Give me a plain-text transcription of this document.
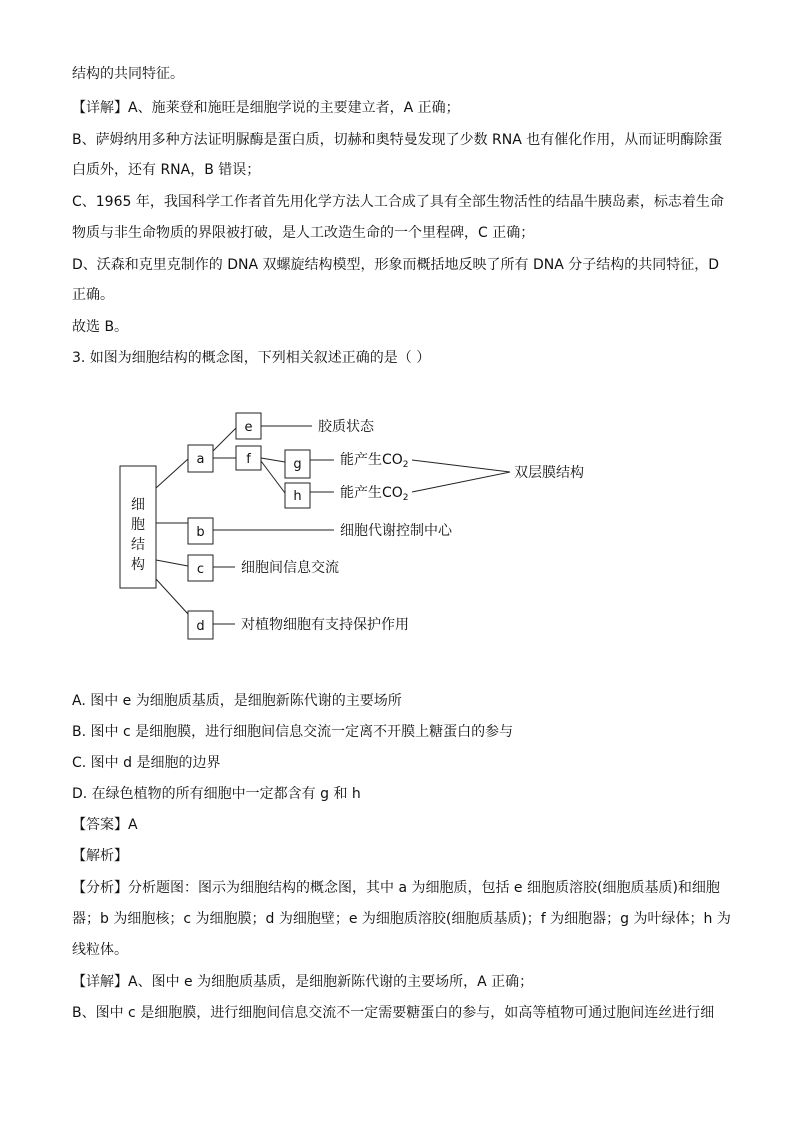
结构的共同特征。
【详解】A、施莱登和施旺是细胞学说的主要建立者，A 正确；
B、萨姆纳用多种方法证明脲酶是蛋白质，切赫和奥特曼发现了少数 RNA 也有催化作用，从而证明酶除蛋
白质外，还有 RNA，B 错误；
C、1965 年，我国科学工作者首先用化学方法人工合成了具有全部生物活性的结晶牛胰岛素，标志着生命
物质与非生命物质的界限被打破，是人工改造生命的一个里程碑，C 正确；
D、沃森和克里克制作的 DNA 双螺旋结构模型，形象而概括地反映了所有 DNA 分子结构的共同特征，D
正确。
故选 B。
3. 如图为细胞结构的概念图，下列相关叙述正确的是（ ）
细
胞
结
构
a
e	胶质状态
f	g	能产生$CO_2$
h	能产生$CO_2$
双层膜结构
b	细胞代谢控制中心
c	细胞间信息交流
d	对植物细胞有支持保护作用
A. 图中 e 为细胞质基质，是细胞新陈代谢的主要场所
B. 图中 c 是细胞膜，进行细胞间信息交流一定离不开膜上糖蛋白的参与
C. 图中 d 是细胞的边界
D. 在绿色植物的所有细胞中一定都含有 g 和 h
【答案】A
【解析】
【分析】分析题图：图示为细胞结构的概念图，其中 a 为细胞质，包括 e 细胞质溶胶(细胞质基质)和细胞
器；b 为细胞核；c 为细胞膜；d 为细胞壁；e 为细胞质溶胶(细胞质基质)；f 为细胞器；g 为叶绿体；h 为
线粒体。
【详解】A、图中 e 为细胞质基质，是细胞新陈代谢的主要场所，A 正确；
B、图中 c 是细胞膜，进行细胞间信息交流不一定需要糖蛋白的参与，如高等植物可通过胞间连丝进行细
